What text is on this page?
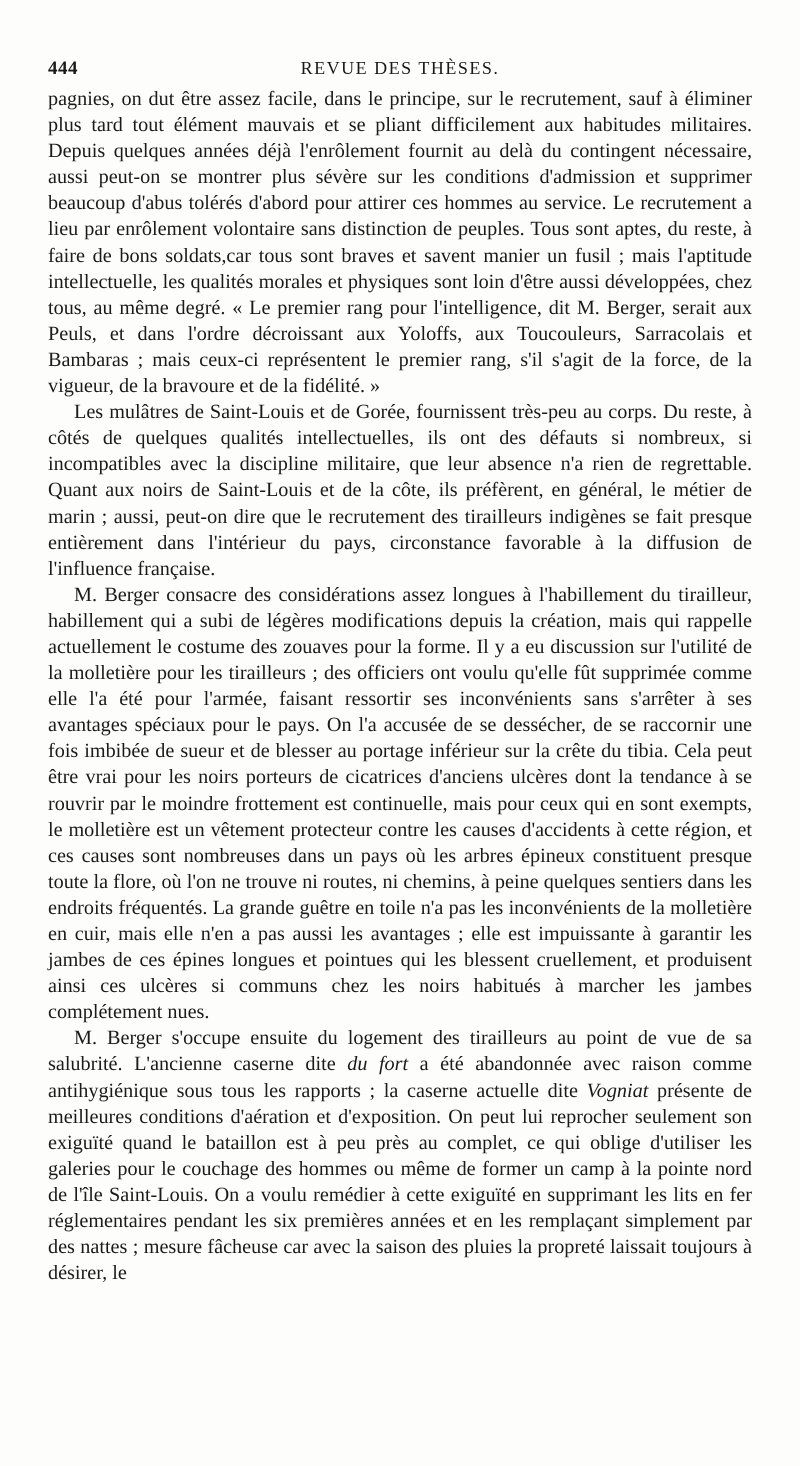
444	REVUE DES THÈSES.

pagnies, on dut être assez facile, dans le principe, sur le recrutement, sauf à éliminer plus tard tout élément mauvais et se pliant difficilement aux habitudes militaires. Depuis quelques années déjà l'enrôlement fournit au delà du contingent nécessaire, aussi peut-on se montrer plus sévère sur les conditions d'admission et supprimer beaucoup d'abus tolérés d'abord pour attirer ces hommes au service. Le recrutement a lieu par enrôlement volontaire sans distinction de peuples. Tous sont aptes, du reste, à faire de bons soldats,car tous sont braves et savent manier un fusil ; mais l'aptitude intellectuelle, les qualités morales et physiques sont loin d'être aussi développées, chez tous, au même degré. « Le premier rang pour l'intelligence, dit M. Berger, serait aux Peuls, et dans l'ordre décroissant aux Yoloffs, aux Toucouleurs, Sarracolais et Bambaras ; mais ceux-ci représentent le premier rang, s'il s'agit de la force, de la vigueur, de la bravoure et de la fidélité. »

Les mulâtres de Saint-Louis et de Gorée, fournissent très-peu au corps. Du reste, à côtés de quelques qualités intellectuelles, ils ont des défauts si nombreux, si incompatibles avec la discipline militaire, que leur absence n'a rien de regrettable. Quant aux noirs de Saint-Louis et de la côte, ils préfèrent, en général, le métier de marin ; aussi, peut-on dire que le recrutement des tirailleurs indigènes se fait presque entièrement dans l'intérieur du pays, circonstance favorable à la diffusion de l'influence française.

M. Berger consacre des considérations assez longues à l'habillement du tirailleur, habillement qui a subi de légères modifications depuis la création, mais qui rappelle actuellement le costume des zouaves pour la forme. Il y a eu discussion sur l'utilité de la molletière pour les tirailleurs ; des officiers ont voulu qu'elle fût supprimée comme elle l'a été pour l'armée, faisant ressortir ses inconvénients sans s'arrêter à ses avantages spéciaux pour le pays. On l'a accusée de se dessécher, de se raccornir une fois imbibée de sueur et de blesser au portage inférieur sur la crête du tibia. Cela peut être vrai pour les noirs porteurs de cicatrices d'anciens ulcères dont la tendance à se rouvrir par le moindre frottement est continuelle, mais pour ceux qui en sont exempts, le molletière est un vêtement protecteur contre les causes d'accidents à cette région, et ces causes sont nombreuses dans un pays où les arbres épineux constituent presque toute la flore, où l'on ne trouve ni routes, ni chemins, à peine quelques sentiers dans les endroits fréquentés. La grande guêtre en toile n'a pas les inconvénients de la molletière en cuir, mais elle n'en a pas aussi les avantages ; elle est impuissante à garantir les jambes de ces épines longues et pointues qui les blessent cruellement, et produisent ainsi ces ulcères si communs chez les noirs habitués à marcher les jambes complétement nues.

M. Berger s'occupe ensuite du logement des tirailleurs au point de vue de sa salubrité. L'ancienne caserne dite du fort a été abandonnée avec raison comme antihygiénique sous tous les rapports ; la caserne actuelle dite Vogniat présente de meilleures conditions d'aération et d'exposition. On peut lui reprocher seulement son exiguïté quand le bataillon est à peu près au complet, ce qui oblige d'utiliser les galeries pour le couchage des hommes ou même de former un camp à la pointe nord de l'île Saint-Louis. On a voulu remédier à cette exiguïté en supprimant les lits en fer réglementaires pendant les six premières années et en les remplaçant simplement par des nattes ; mesure fâcheuse car avec la saison des pluies la propreté laissait toujours à désirer, le
